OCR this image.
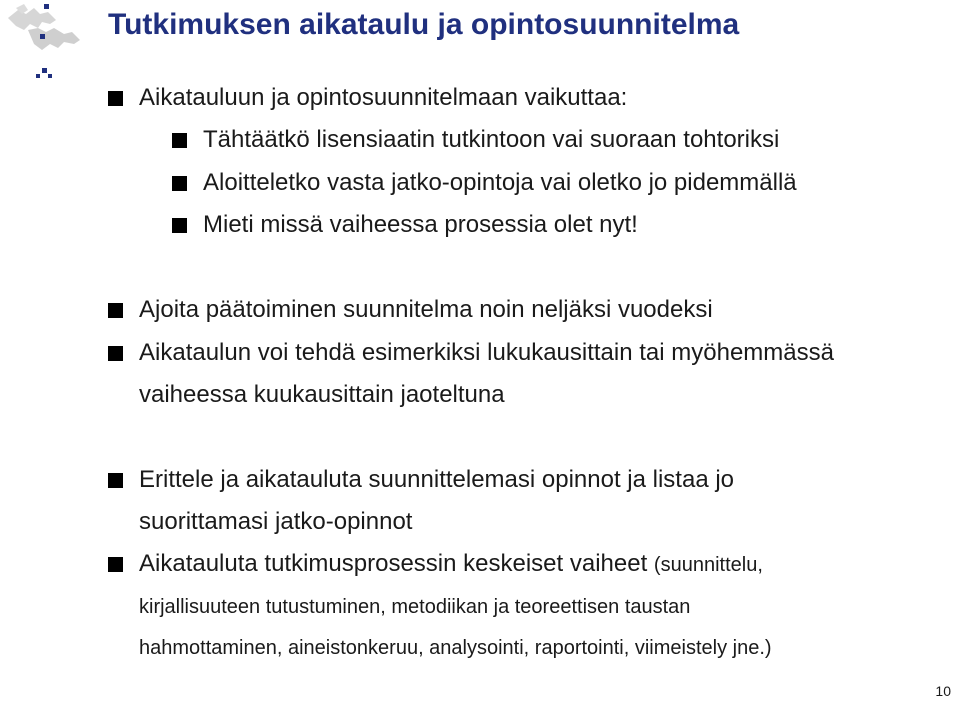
Tutkimuksen aikataulu ja opintosuunnitelma
Aikatauluun ja opintosuunnitelmaan vaikuttaa:
Tähtäätkö lisensiaatin tutkintoon vai suoraan tohtoriksi
Aloitteletko vasta jatko-opintoja vai oletko jo pidemmällä
Mieti missä vaiheessa prosessia olet nyt!
Ajoita päätoiminen suunnitelma noin neljäksi vuodeksi
Aikataulun voi tehdä esimerkiksi lukukausittain tai myöhemmässä
vaiheessa kuukausittain jaoteltuna
Erittele ja aikatauluta suunnittelemasi opinnot ja listaa jo
suorittamasi jatko-opinnot
Aikatauluta tutkimusprosessin keskeiset vaiheet (suunnittelu,
kirjallisuuteen tutustuminen, metodiikan ja teoreettisen taustan
hahmottaminen, aineistonkeruu, analysointi, raportointi, viimeistely jne.)
10
